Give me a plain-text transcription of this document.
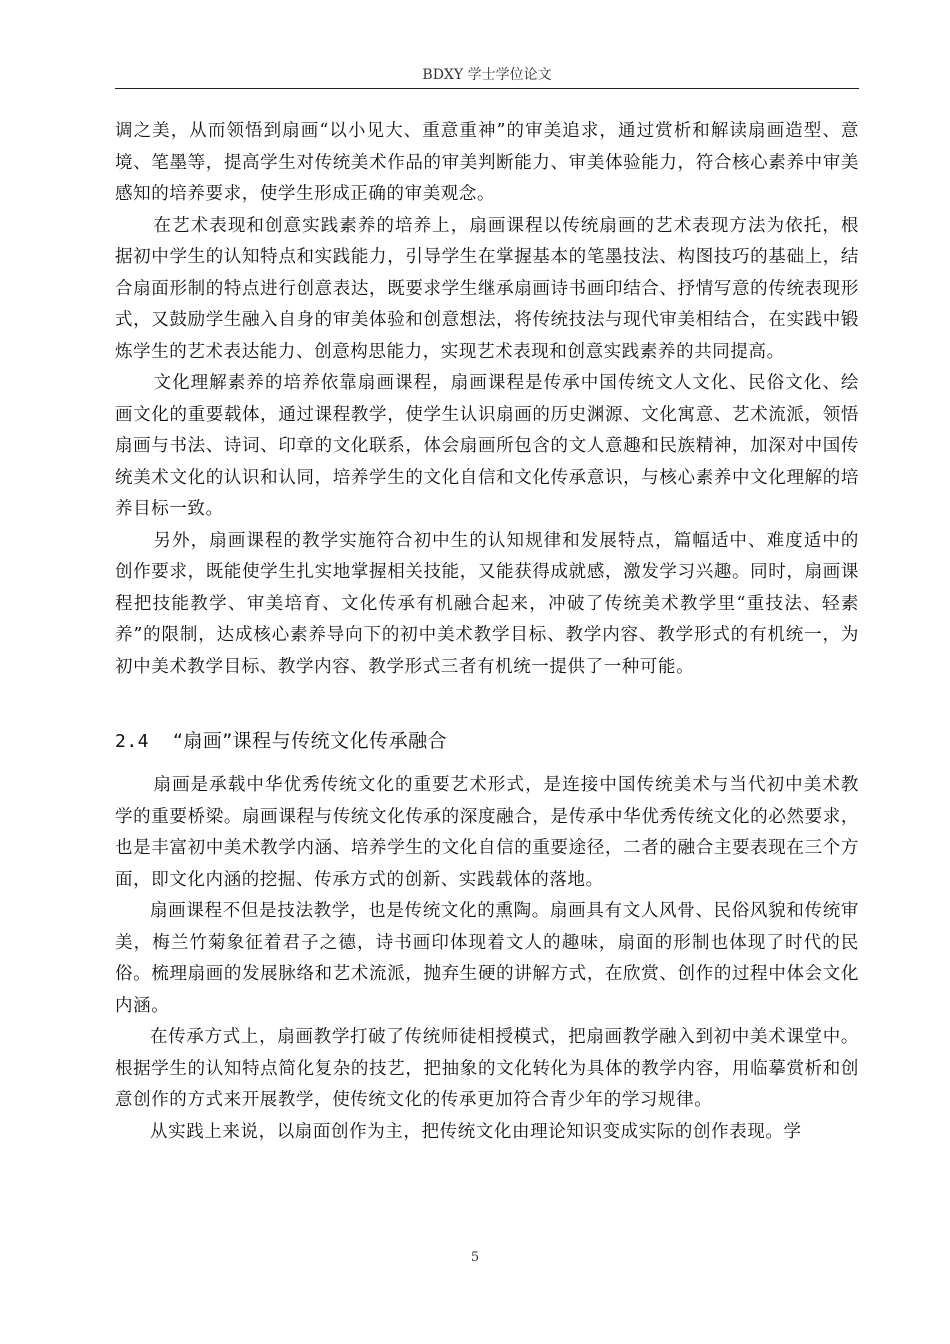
BDXY 学士学位论文

调之美，从而领悟到扇画“以小见大、重意重神”的审美追求，通过赏析和解读扇画造型、意境、笔墨等，提高学生对传统美术作品的审美判断能力、审美体验能力，符合核心素养中审美感知的培养要求，使学生形成正确的审美观念。

在艺术表现和创意实践素养的培养上，扇画课程以传统扇画的艺术表现方法为依托，根据初中学生的认知特点和实践能力，引导学生在掌握基本的笔墨技法、构图技巧的基础上，结合扇面形制的特点进行创意表达，既要求学生继承扇画诗书画印结合、抒情写意的传统表现形式，又鼓励学生融入自身的审美体验和创意想法，将传统技法与现代审美相结合，在实践中锻炼学生的艺术表达能力、创意构思能力，实现艺术表现和创意实践素养的共同提高。

文化理解素养的培养依靠扇画课程，扇画课程是传承中国传统文人文化、民俗文化、绘画文化的重要载体，通过课程教学，使学生认识扇画的历史渊源、文化寓意、艺术流派，领悟扇画与书法、诗词、印章的文化联系，体会扇画所包含的文人意趣和民族精神，加深对中国传统美术文化的认识和认同，培养学生的文化自信和文化传承意识，与核心素养中文化理解的培养目标一致。

另外，扇画课程的教学实施符合初中生的认知规律和发展特点，篇幅适中、难度适中的创作要求，既能使学生扎实地掌握相关技能，又能获得成就感，激发学习兴趣。同时，扇画课程把技能教学、审美培育、文化传承有机融合起来，冲破了传统美术教学里“重技法、轻素养”的限制，达成核心素养导向下的初中美术教学目标、教学内容、教学形式的有机统一，为初中美术教学目标、教学内容、教学形式三者有机统一提供了一种可能。

2.4 “扇画”课程与传统文化传承融合

扇画是承载中华优秀传统文化的重要艺术形式，是连接中国传统美术与当代初中美术教学的重要桥梁。扇画课程与传统文化传承的深度融合，是传承中华优秀传统文化的必然要求，也是丰富初中美术教学内涵、培养学生的文化自信的重要途径，二者的融合主要表现在三个方面，即文化内涵的挖掘、传承方式的创新、实践载体的落地。

扇画课程不但是技法教学，也是传统文化的熏陶。扇画具有文人风骨、民俗风貌和传统审美，梅兰竹菊象征着君子之德，诗书画印体现着文人的趣味，扇面的形制也体现了时代的民俗。梳理扇画的发展脉络和艺术流派，抛弃生硬的讲解方式，在欣赏、创作的过程中体会文化内涵。

在传承方式上，扇画教学打破了传统师徒相授模式，把扇画教学融入到初中美术课堂中。根据学生的认知特点简化复杂的技艺，把抽象的文化转化为具体的教学内容，用临摹赏析和创意创作的方式来开展教学，使传统文化的传承更加符合青少年的学习规律。

从实践上来说，以扇面创作为主，把传统文化由理论知识变成实际的创作表现。学

5
